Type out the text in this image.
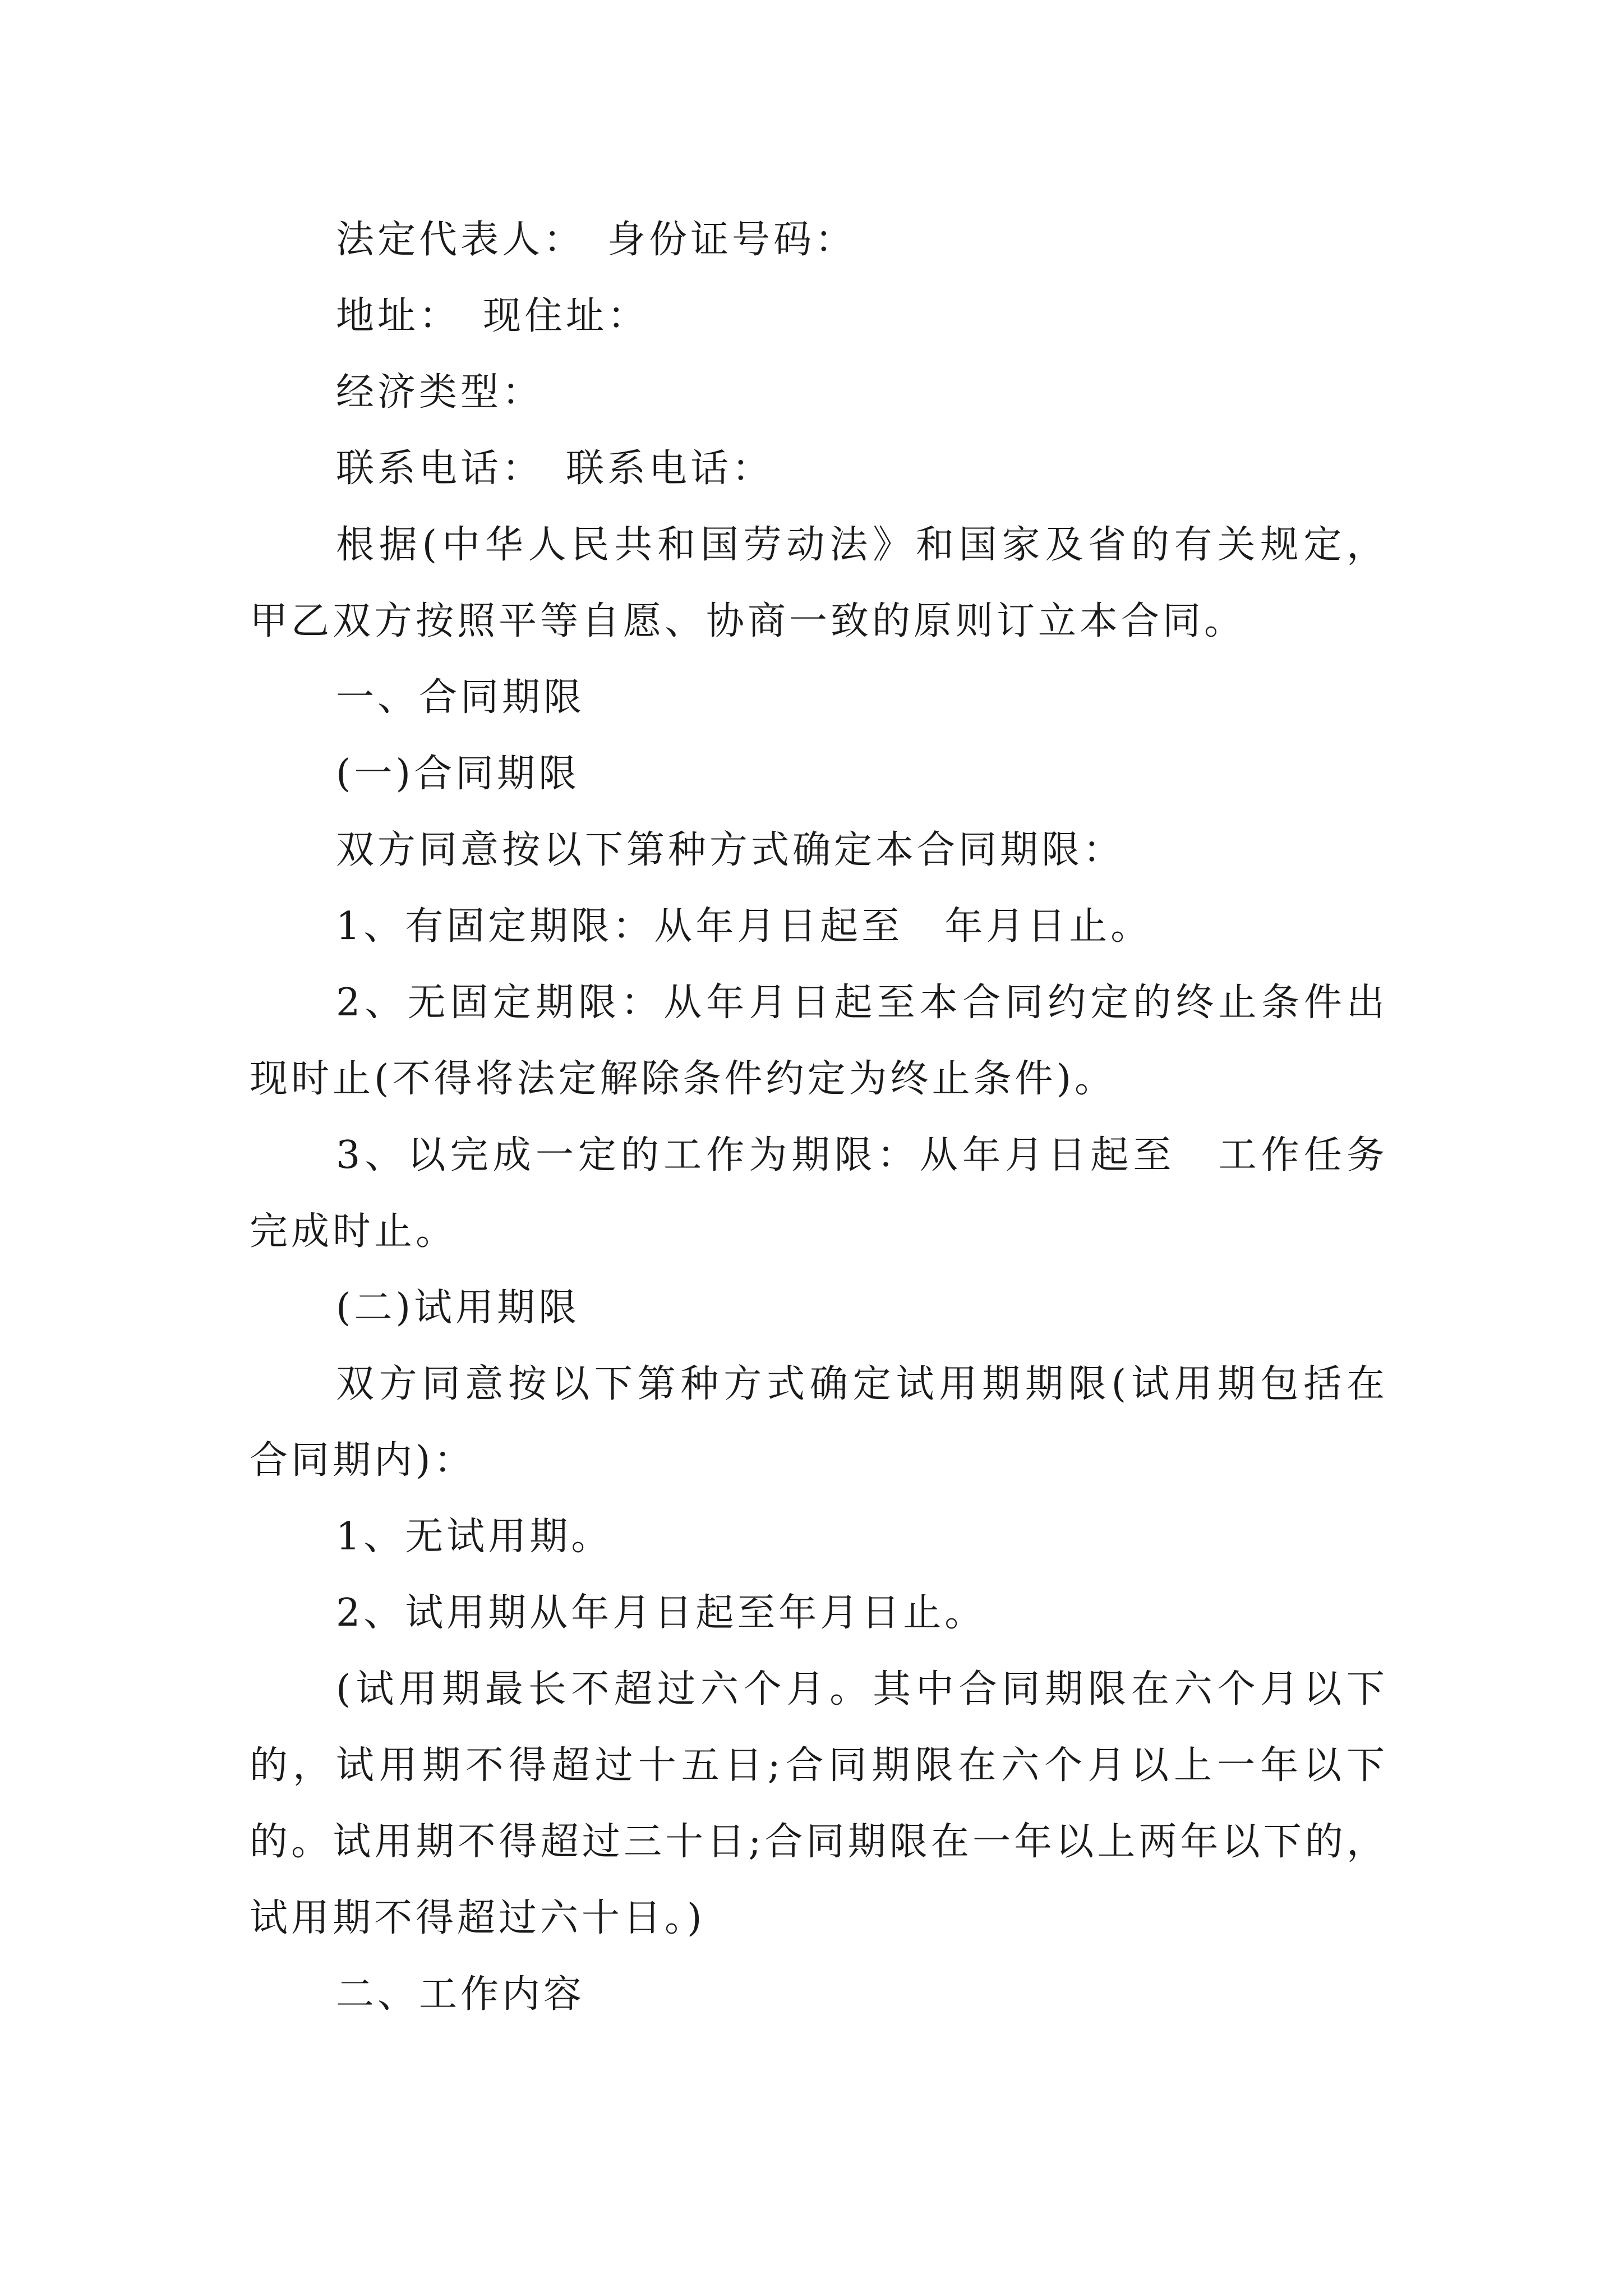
法定代表人：　身份证号码：

地址：　现住址：

经济类型：

联系电话：　联系电话：

根据(中华人民共和国劳动法》和国家及省的有关规定，甲乙双方按照平等自愿、协商一致的原则订立本合同。

一、合同期限

(一)合同期限

双方同意按以下第种方式确定本合同期限：

1、有固定期限：从年月日起至　年月日止。

2、无固定期限：从年月日起至本合同约定的终止条件出现时止(不得将法定解除条件约定为终止条件)。

3、以完成一定的工作为期限：从年月日起至　工作任务完成时止。

(二)试用期限

双方同意按以下第种方式确定试用期期限(试用期包括在合同期内)：

1、无试用期。

2、试用期从年月日起至年月日止。

(试用期最长不超过六个月。其中合同期限在六个月以下的，试用期不得超过十五日;合同期限在六个月以上一年以下的。试用期不得超过三十日;合同期限在一年以上两年以下的，试用期不得超过六十日。)

二、工作内容
